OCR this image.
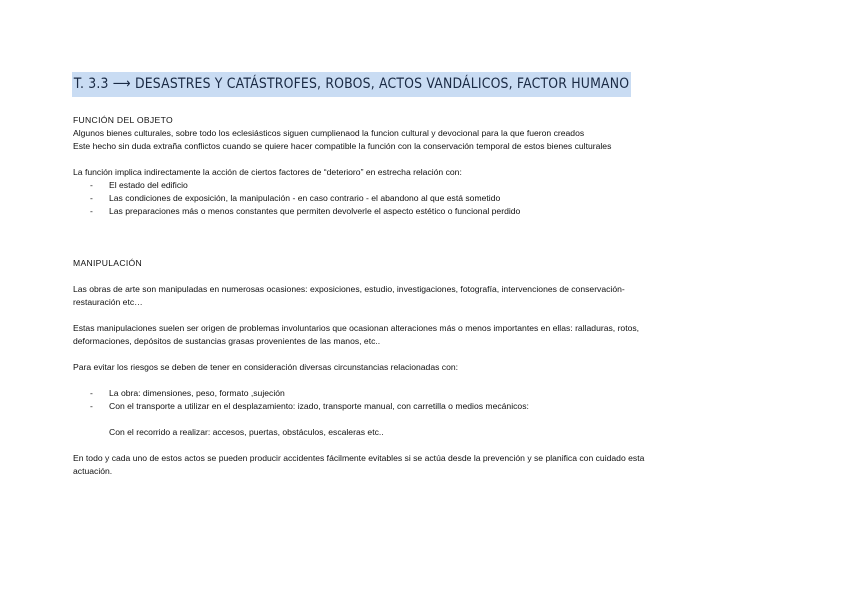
T. 3.3 ⟶ DESASTRES Y CATÁSTROFES, ROBOS, ACTOS VANDÁLICOS, FACTOR HUMANO

FUNCIÓN DEL OBJETO

Algunos bienes culturales, sobre todo los eclesiásticos siguen cumplienaod la funcion cultural y devocional para la que fueron creados

Este hecho sin duda extraña conflictos cuando se quiere hacer compatible la función con la conservación temporal de estos bienes culturales

La función implica indirectamente la acción de ciertos factores de “deterioro” en estrecha relación con:

- El estado del edificio
- Las condiciones de exposición, la manipulación - en caso contrario - el abandono al que está sometido
- Las preparaciones más o menos constantes que permiten devolverle el aspecto estético o funcional perdido

MANIPULACIÓN

Las obras de arte son manipuladas en numerosas ocasiones: exposiciones, estudio, investigaciones, fotografía, intervenciones de conservación-

restauración etc…

Estas manipulaciones suelen ser origen de problemas involuntarios que ocasionan alteraciones más o menos importantes en ellas: ralladuras, rotos,

deformaciones, depósitos de sustancias grasas provenientes de las manos, etc..

Para evitar los riesgos se deben de tener en consideración diversas circunstancias relacionadas con:

- La obra: dimensiones, peso, formato ,sujeción
- Con el transporte a utilizar en el desplazamiento: izado, transporte manual, con carretilla o medios mecánicos:

Con el recorrido a realizar: accesos, puertas, obstáculos, escaleras etc..

En todo y cada uno de estos actos se pueden producir accidentes fácilmente evitables si se actúa desde la prevención y se planifica con cuidado esta

actuación.
